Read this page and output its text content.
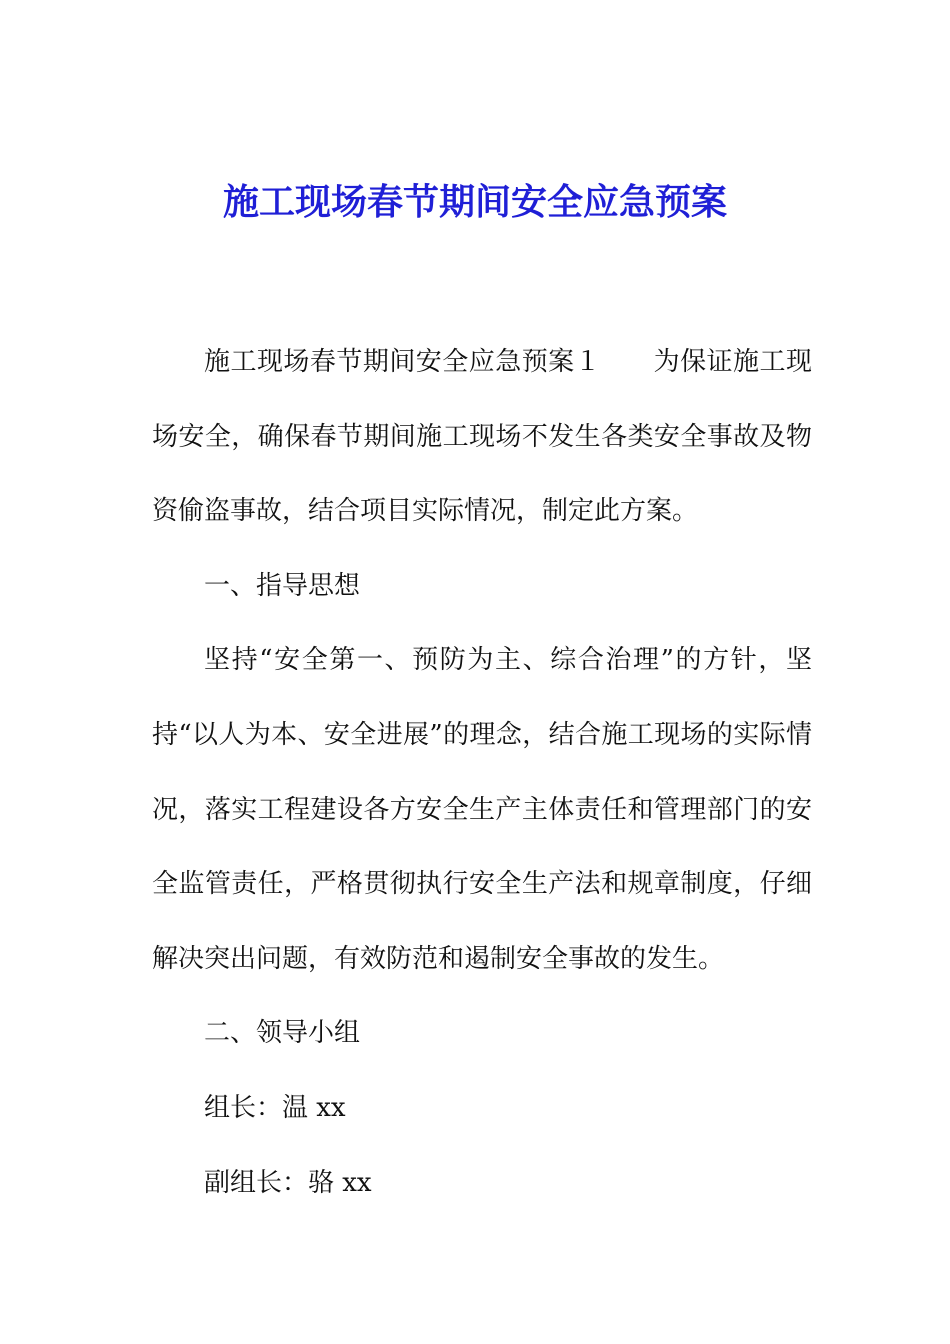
施工现场春节期间安全应急预案

施工现场春节期间安全应急预案１ 为保证施工现场安全，确保春节期间施工现场不发生各类安全事故及物资偷盗事故，结合项目实际情况，制定此方案。

一、指导思想

坚持“安全第一、预防为主、综合治理”的方针，坚持“以人为本、安全进展”的理念，结合施工现场的实际情况，落实工程建设各方安全生产主体责任和管理部门的安全监管责任，严格贯彻执行安全生产法和规章制度，仔细解决突出问题，有效防范和遏制安全事故的发生。

二、领导小组

组长：温 xx

副组长：骆 xx
